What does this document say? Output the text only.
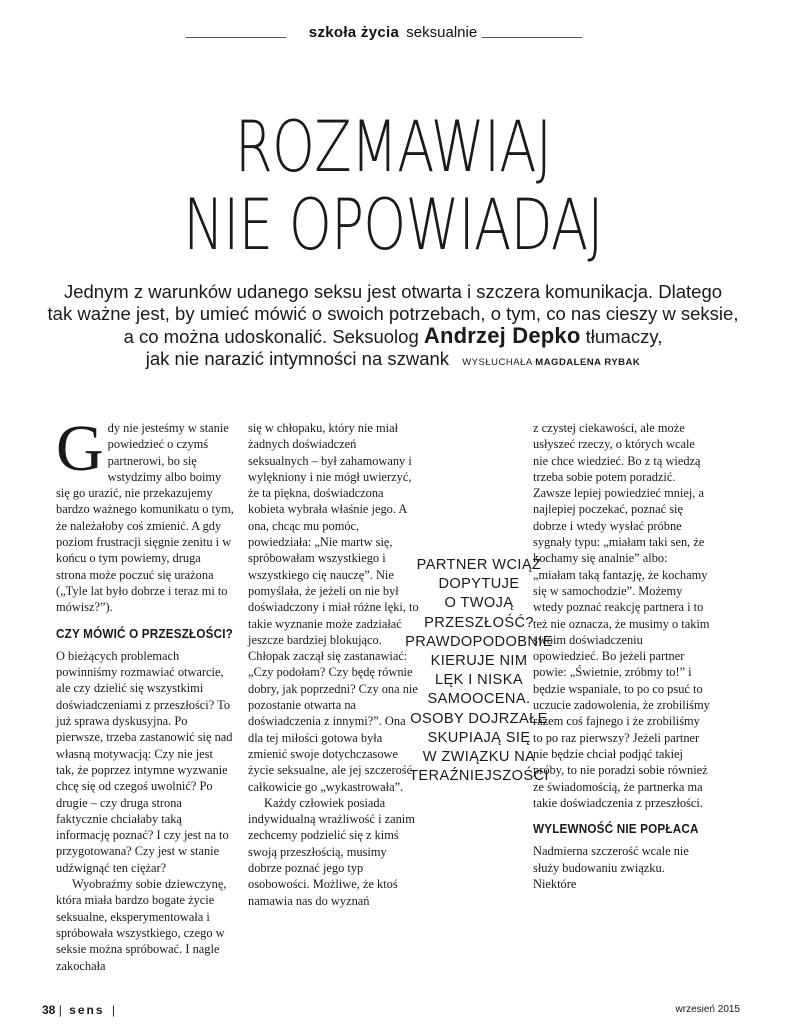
szkoła życia seksualnie
ROZMAWIAJ
NIE OPOWIADAJ
Jednym z warunków udanego seksu jest otwarta i szczera komunikacja. Dlatego
tak ważne jest, by umieć mówić o swoich potrzebach, o tym, co nas cieszy w seksie,
a co można udoskonalić. Seksuolog Andrzej Depko tłumaczy,
jak nie narazić intymności na szwank WYSŁUCHAŁA MAGDALENA RYBAK

Gdy nie jesteśmy w stanie powiedzieć o czymś partnerowi, bo się wstydzimy albo boimy się go urazić, nie przekazujemy bardzo ważnego komunikatu o tym, że należałoby coś zmienić. A gdy poziom frustracji sięgnie zenitu i w końcu o tym powiemy, druga strona może poczuć się urażona („Tyle lat było dobrze i teraz mi to mówisz?”).

CZY MÓWIĆ O PRZESZŁOŚCI?

O bieżących problemach powinniśmy rozmawiać otwarcie, ale czy dzielić się wszystkimi doświadczeniami z przeszłości? To już sprawa dyskusyjna. Po pierwsze, trzeba zastanowić się nad własną motywacją: Czy nie jest tak, że poprzez intymne wyzwanie chcę się od czegoś uwolnić? Po drugie – czy druga strona faktycznie chciałaby taką informację poznać? I czy jest na to przygotowana? Czy jest w stanie udźwignąć ten ciężar?

Wyobraźmy sobie dziewczynę, która miała bardzo bogate życie seksualne, eksperymentowała i spróbowała wszystkiego, czego w seksie można spróbować. I nagle zakochała

się w chłopaku, który nie miał żadnych doświadczeń seksualnych – był zahamowany i wylękniony i nie mógł uwierzyć, że ta piękna, doświadczona kobieta wybrała właśnie jego. A ona, chcąc mu pomóc, powiedziała: „Nie martw się, spróbowałam wszystkiego i wszystkiego cię nauczę”. Nie pomyślała, że jeżeli on nie był doświadczony i miał różne lęki, to takie wyznanie może zadziałać jeszcze bardziej blokująco. Chłopak zaczął się zastanawiać: „Czy podołam? Czy będę równie dobry, jak poprzedni? Czy ona nie pozostanie otwarta na doświadczenia z innymi?”. Ona dla tej miłości gotowa była zmienić swoje dotychczasowe życie seksualne, ale jej szczerość całkowicie go „wykastrowała”.

Każdy człowiek posiada indywidualną wrażliwość i zanim zechcemy podzielić się z kimś swoją przeszłością, musimy dobrze poznać jego typ osobowości. Możliwe, że ktoś namawia nas do wyznań

PARTNER WCIĄŻ
DOPYTUJE
O TWOJĄ
PRZESZŁOŚĆ?
PRAWDOPODOBNIE
KIERUJE NIM
LĘK I NISKA
SAMOOCENA.
OSOBY DOJRZAŁE
SKUPIAJĄ SIĘ
W ZWIĄZKU NA
TERAŹNIEJSZOŚCI

z czystej ciekawości, ale może usłyszeć rzeczy, o których wcale nie chce wiedzieć. Bo z tą wiedzą trzeba sobie potem poradzić. Zawsze lepiej powiedzieć mniej, a najlepiej poczekać, poznać się dobrze i wtedy wysłać próbne sygnały typu: „miałam taki sen, że kochamy się analnie” albo: „miałam taką fantazję, że kochamy się w samochodzie”. Możemy wtedy poznać reakcję partnera i to też nie oznacza, że musimy o takim swoim doświadczeniu opowiedzieć. Bo jeżeli partner powie: „Świetnie, zróbmy to!” i będzie wspaniale, to po co psuć to uczucie zadowolenia, że zrobiliśmy razem coś fajnego i że zrobiliśmy to po raz pierwszy? Jeżeli partner nie będzie chciał podjąć takiej próby, to nie poradzi sobie również ze świadomością, że partnerka ma takie doświadczenia z przeszłości.

WYLEWNOŚĆ NIE POPŁACA

Nadmierna szczerość wcale nie służy budowaniu związku. Niektóre

38 | sens |	wrzesień 2015
